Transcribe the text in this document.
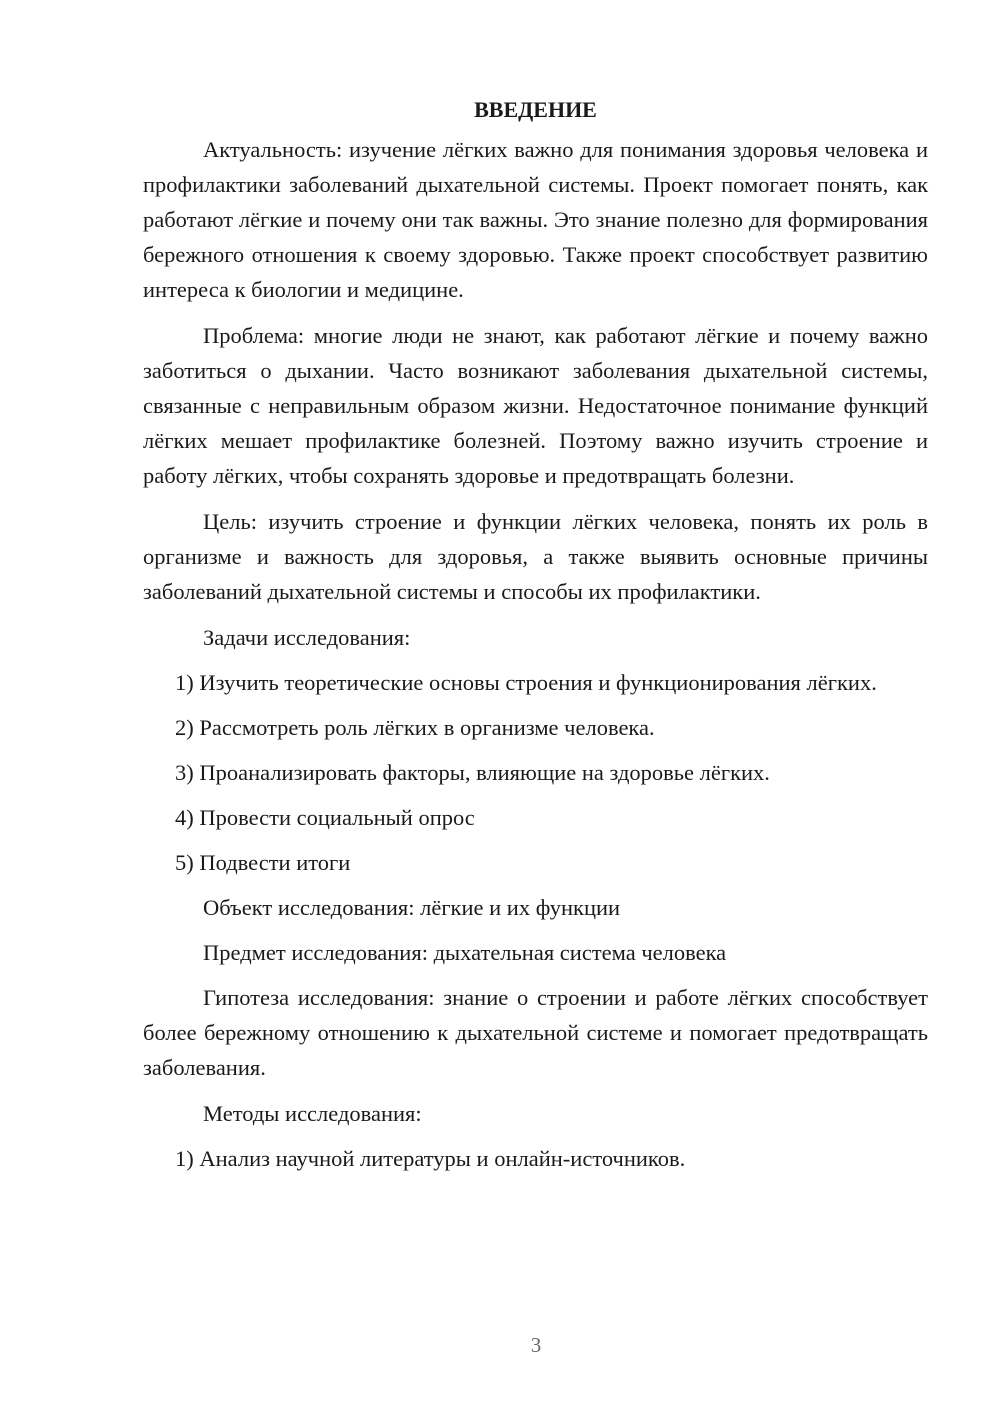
ВВЕДЕНИЕ

Актуальность: изучение лёгких важно для понимания здоровья человека и профилактики заболеваний дыхательной системы. Проект помогает понять, как работают лёгкие и почему они так важны. Это знание полезно для формирования бережного отношения к своему здоровью. Также проект способствует развитию интереса к биологии и медицине.

Проблема: многие люди не знают, как работают лёгкие и почему важно заботиться о дыхании. Часто возникают заболевания дыхательной системы, связанные с неправильным образом жизни. Недостаточное понимание функций лёгких мешает профилактике болезней. Поэтому важно изучить строение и работу лёгких, чтобы сохранять здоровье и предотвращать болезни.

Цель: изучить строение и функции лёгких человека, понять их роль в организме и важность для здоровья, а также выявить основные причины заболеваний дыхательной системы и способы их профилактики.

Задачи исследования:

1) Изучить теоретические основы строения и функционирования лёгких.

2) Рассмотреть роль лёгких в организме человека.

3) Проанализировать факторы, влияющие на здоровье лёгких.

4) Провести социальный опрос

5) Подвести итоги

Объект исследования: лёгкие и их функции

Предмет исследования: дыхательная система человека

Гипотеза исследования: знание о строении и работе лёгких способствует более бережному отношению к дыхательной системе и помогает предотвращать заболевания.

Методы исследования:

1) Анализ научной литературы и онлайн-источников.

3
